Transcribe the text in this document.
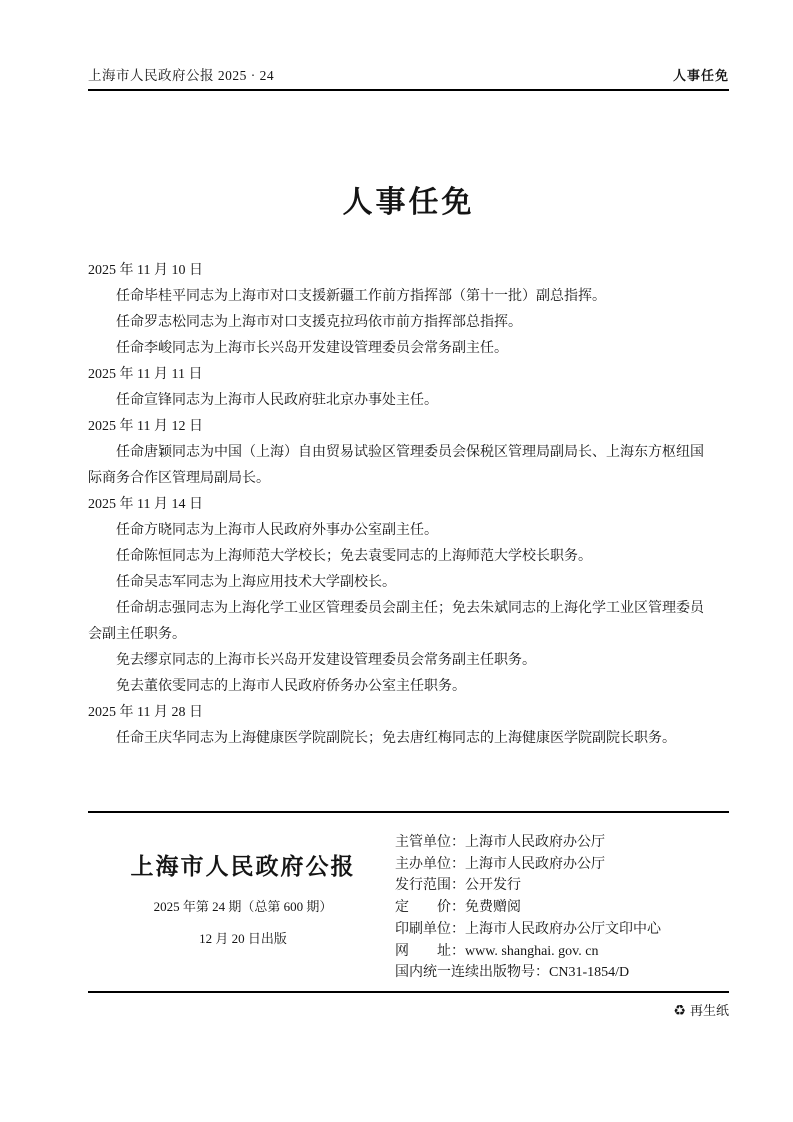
上海市人民政府公报 2025 · 24	人事任免
人事任免
2025 年 11 月 10 日
任命毕桂平同志为上海市对口支援新疆工作前方指挥部（第十一批）副总指挥。
任命罗志松同志为上海市对口支援克拉玛依市前方指挥部总指挥。
任命李峻同志为上海市长兴岛开发建设管理委员会常务副主任。
2025 年 11 月 11 日
任命宣锋同志为上海市人民政府驻北京办事处主任。
2025 年 11 月 12 日
任命唐颖同志为中国（上海）自由贸易试验区管理委员会保税区管理局副局长、上海东方枢纽国
际商务合作区管理局副局长。
2025 年 11 月 14 日
任命方晓同志为上海市人民政府外事办公室副主任。
任命陈恒同志为上海师范大学校长；免去袁雯同志的上海师范大学校长职务。
任命吴志军同志为上海应用技术大学副校长。
任命胡志强同志为上海化学工业区管理委员会副主任；免去朱斌同志的上海化学工业区管理委员
会副主任职务。
免去缪京同志的上海市长兴岛开发建设管理委员会常务副主任职务。
免去董依雯同志的上海市人民政府侨务办公室主任职务。
2025 年 11 月 28 日
任命王庆华同志为上海健康医学院副院长；免去唐红梅同志的上海健康医学院副院长职务。
上海市人民政府公报
2025 年第 24 期（总第 600 期）
12 月 20 日出版
主管单位：上海市人民政府办公厅
主办单位：上海市人民政府办公厅
发行范围：公开发行
定　　价：免费赠阅
印刷单位：上海市人民政府办公厅文印中心
网　　址：www. shanghai. gov. cn
国内统一连续出版物号：CN31-1854/D
♻ 再生纸
